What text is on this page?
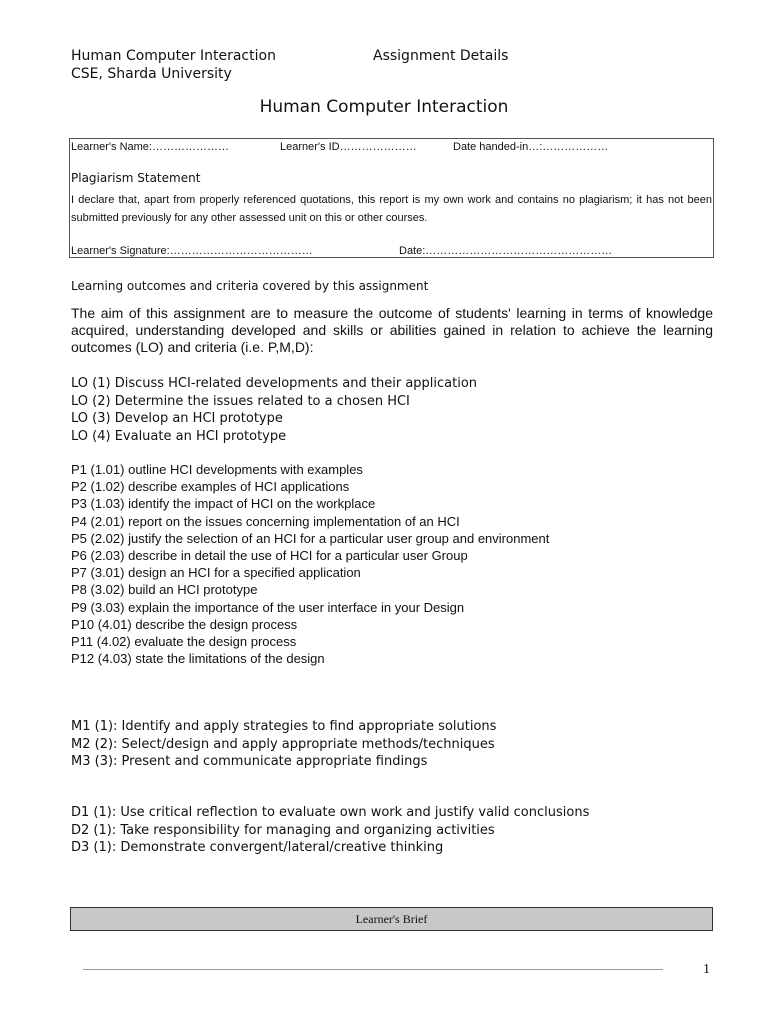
Human Computer Interaction	Assignment Details
CSE, Sharda University
Human Computer Interaction
Learner's Name:…………………	Learner's ID…………………	Date handed-in…:………………
Plagiarism Statement
I declare that, apart from properly referenced quotations, this report is my own work and contains no plagiarism; it has not been submitted previously for any other assessed unit on this or other courses.
Learner's Signature:…………………………………	Date:……………………………………………
Learning outcomes and criteria covered by this assignment
The aim of this assignment are to measure the outcome of students' learning in terms of knowledge acquired, understanding developed and skills or abilities gained in relation to achieve the learning outcomes (LO) and criteria (i.e. P,M,D):
LO (1) Discuss HCI-related developments and their application
LO (2) Determine the issues related to a chosen HCI
LO (3) Develop an HCI prototype
LO (4) Evaluate an HCI prototype
P1 (1.01) outline HCI developments with examples
P2 (1.02) describe examples of HCI applications
P3 (1.03) identify the impact of HCI on the workplace
P4 (2.01) report on the issues concerning implementation of an HCI
P5 (2.02) justify the selection of an HCI for a particular user group and environment
P6 (2.03) describe in detail the use of HCI for a particular user Group
P7 (3.01) design an HCI for a specified application
P8 (3.02) build an HCI prototype
P9 (3.03) explain the importance of the user interface in your Design
P10 (4.01) describe the design process
P11 (4.02) evaluate the design process
P12 (4.03) state the limitations of the design
M1 (1): Identify and apply strategies to find appropriate solutions
M2 (2): Select/design and apply appropriate methods/techniques
M3 (3): Present and communicate appropriate findings
D1 (1): Use critical reflection to evaluate own work and justify valid conclusions
D2 (1): Take responsibility for managing and organizing activities
D3 (1): Demonstrate convergent/lateral/creative thinking
Learner's Brief
1
